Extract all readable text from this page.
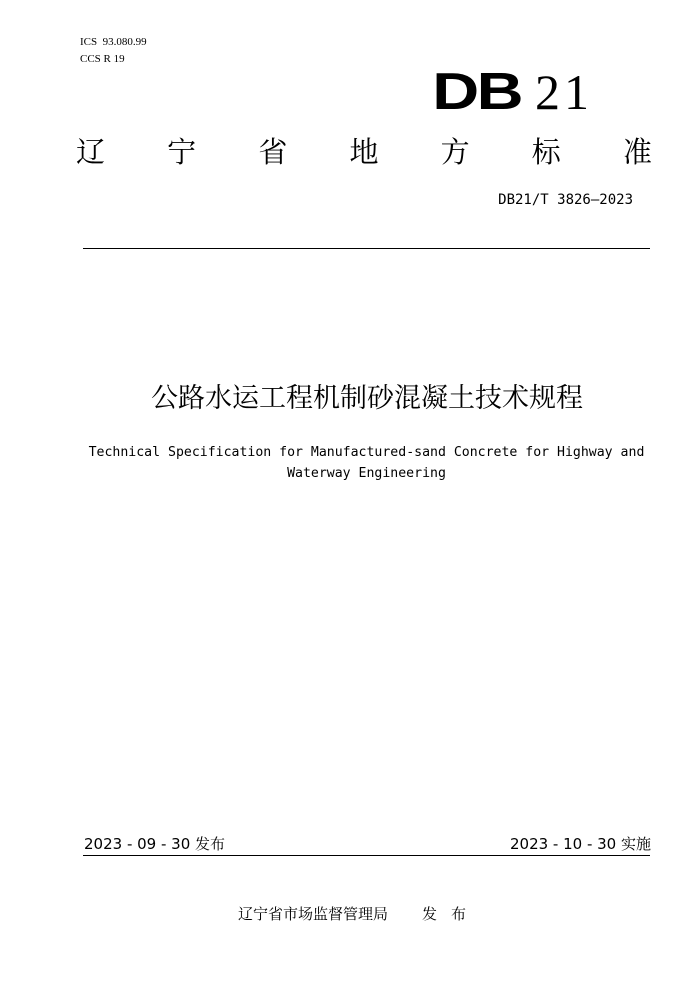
ICS  93.080.99
CCS R 19
DB 21
辽 宁 省 地 方 标 准
DB21/T 3826—2023
公路水运工程机制砂混凝土技术规程
Technical Specification for Manufactured-sand Concrete for Highway and Waterway Engineering
2023 - 09 - 30 发布	2023 - 10 - 30 实施
辽宁省市场监督管理局 发布
